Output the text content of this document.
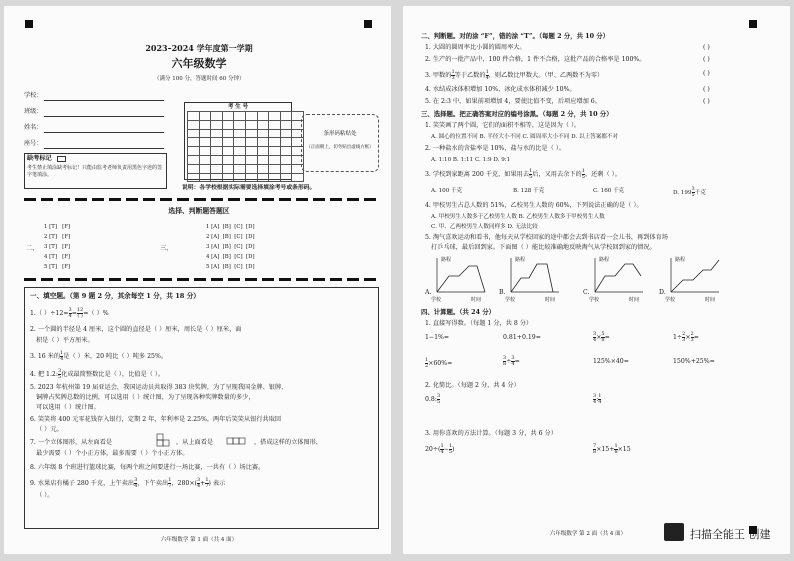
2023–2024 学年度第一学期
六年级数学
（满分 100 分，答题时间 60 分钟）
学校：
班级：
姓名：
座号：
缺考标记
考生禁止填涂缺考标记！只能由监考老师负责用黑色字迹的签字笔填涂。
考 生 号

条形码粘贴处
（正面朝上，切勿贴出虚线方框）
说明：各学校根据实际需要选择填涂考号或条形码。
选择、判断题答题区
二、
1 [T]   [F]
2 [T]   [F]
3 [T]   [F]
4 [T]   [F]
5 [T]   [F]
三、
1 [A]  [B]  [C]  [D]
2 [A]  [B]  [C]  [D]
3 [A]  [B]  [C]  [D]
4 [A]  [B]  [C]  [D]
5 [A]  [B]  [C]  [D]
一、填空题。（第 9 题 2 分，其余每空 1 分，共 18 分）
1.（ ）$\div 12= \frac{3}{4} = \frac{12}{( )}$ =（ ）%
2. 一个圆的半径是 4 厘米，这个圆的直径是（ ）厘米，周长是（ ）厘米，面
积是（ ）平方厘米。
3. 16 米的 $\frac{1}{4}$ 是（ ）米，20 吨比（ ）吨多 25%。
4. 把 1.2: $\frac{3}{5}$ 化成最简整数比是（ ），比值是（ ）。
5. 2023 年杭州第 19 届亚运会，我国运动员共取得 383 块奖牌，为了呈现我国金牌、银牌、
铜牌占奖牌总数的比例，可以选用（ ）统计图，为了呈现各种奖牌数量的多少，
可以选用（ ）统计图。
6. 笑笑将 400 元零花钱存入银行，定期 2 年，年利率是 2.25%，两年后笑笑从银行共取回
（ ）元。
7. 一个立体图形，从左面看是	，从上面看是	，搭成这样的立体图形，
最少需要（ ）个小正方体，最多需要（ ）个小正方体。
8. 六年级 8 个班进行篮球比赛，每两个班之间要进行一场比赛，一共有（ ）场比赛。
9. 水果店有橘子 280 千克，上午卖出 $\frac{3}{4}$ ，下午卖出 $\frac{1}{7}$ ，$280\times( \frac{3}{4} + \frac{1}{7}$ ) 表示
（ ）。
六年级数学 第 1 面（共 4 面）
二、判断题。对的涂 “F”，错的涂 “T”。（每题 2 分，共 10 分）
1. 大圆的圆周率比小圆的圆周率大。	( )
2. 生产的一批产品中，100 件合格，1 件不合格，这批产品的合格率是 100%。	( )
3. 甲数的 $\frac{1}{3}$ 等于乙数的 $\frac{1}{4}$ ，则乙数比甲数大。（甲、乙两数不为零）	( )
4. 水结成冰体积增加 10%，冰化成水体积减少 10%。	( )
5. 在 2:3 中，如果前项增加 4，要使比值不变，后项应增加 6。	( )
三、选择题。把正确答案对应的编号涂黑。（每题 2 分，共 10 分）
1. 笑笑画了两个圆，它们的面积不相等，这是因为（ ）。
A. 圆心的位置不同 B. 半径大小不同 C. 圆周率大小不同 D. 以上答案都不对
2. 一种盐水的含盐率是 10%，盐与水的比是（ ）。
A. 1:10 B. 1:11 C. 1:9 D. 9:1
3. 学校到家距离 200 千克，如果用去 $\frac{1}{5}$ 后，又用去余下的 $\frac{1}{5}$ ，还剩（ ）。
A. 100 千克	B. 128 千克	C. 160 千克	D. $199 \frac{3}{5}$ 千克
4. 甲校男生占总人数的 51%，乙校男生人数的 60%，下列说法正确的是（ ）。
A. 甲校男生人数多于乙校男生人数 B. 乙校男生人数多于甲校男生人数
C. 甲、乙两校男生人数同样多 D. 无法比较
5. 淘气喜欢运动和看书，他每天从学校回家的途中都会去到书店看一会儿书，再到体育场
打乒乓球，最后回到家。下面图（ ）能比较准确地反映淘气从学校回到家的情况。
A.
路程
学校	时间
B.
路程
学校	时间
C.
路程
学校	时间
D.
路程
学校	时间
四、计算题。（共 24 分）
1. 直接写得数。（每题 1 分，共 8 分）
1−1%=	0.81+0.19=	$\frac{3}{4} \times \frac{5}{8}$ =	$1\div \frac{2}{3} \times \frac{2}{3}$ =
$\frac{1}{2} \times 60\%=$	$\frac{3}{8} \div \frac{3}{4}$ =	125%×40=	150%+25%=
2. 化简比。（每题 2 分，共 4 分）
0.8: $\frac{3}{5}$	$\frac{3}{4}$ : $\frac{1}{4}$
3. 用你喜欢的方法计算。（每题 3 分，共 6 分）
$20\div( \frac{1}{4} - \frac{1}{5}$ )	$\frac{7}{8} \times 15+ \frac{1}{8} \times 15$
六年级数学 第 2 面（共 4 面）	扫描全能王 创建
